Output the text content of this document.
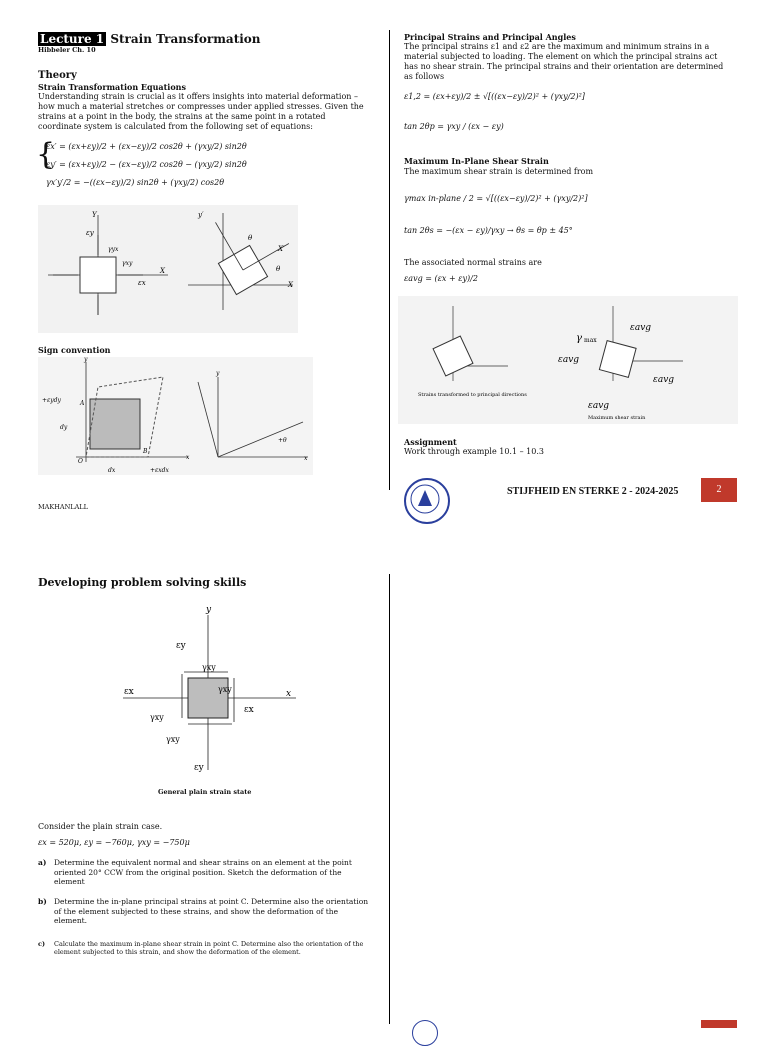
Lecture 1 Strain Transformation
Hibbeler Ch. 10
Theory
Strain Transformation Equations
Understanding strain is crucial as it offers insights into material deformation – how much a material stretches or compresses under applied stresses. Given the strains at a point in the body, the strains at the same point in a rotated coordinate system is calculated from the following set of equations:
{
εx′ = (εx+εy)/2 + (εx−εy)/2 cos2θ + (γxy/2) sin2θ
εy′ = (εx+εy)/2 − (εx−εy)/2 cos2θ − (γxy/2) sin2θ
γx′y′/2 = −((εx−εy)/2) sin2θ + (γxy/2) cos2θ
εy
εx
X
Y
γyx
γxy
y′
X′
X
θ
θ
Sign convention
+εydy
dy
dx	+εxdx
O
A
B
x
y
+θ
x
y
MAKHANLALL
Principal Strains and Principal Angles
The principal strains ε1 and ε2 are the maximum and minimum strains in a material subjected to loading. The element on which the principal strains act has no shear strain. The principal strains and their orientation are determined as follows
ε1,2 = (εx+εy)/2 ± √[((εx−εy)/2)² + (γxy/2)²]
tan 2θp = γxy / (εx − εy)
Maximum In-Plane Shear Strain
The maximum shear strain is determined from
γmax in-plane / 2 = √[((εx−εy)/2)² + (γxy/2)²]
tan 2θs = −(εx − εy)/γxy → θs = θp ± 45°
The associated normal strains are
εavg = (εx + εy)/2
Strains transformed to principal directions
γ max
εavg
εavg
εavg
εavg
Maximum shear strain
Assignment
Work through example 10.1 – 10.3
STIJFHEID EN STERKE 2 - 2024-2025	2
Developing problem solving skills
y
x
εy
γxy
γxy
εx
εx
γxy
γxy
εy
General plain strain state
Consider the plain strain case.
εx = 520μ, εy = −760μ, γxy = −750μ
a) Determine the equivalent normal and shear strains on an element at the point oriented 20° CCW from the original position. Sketch the deformation of the element
b) Determine the in-plane principal strains at point C. Determine also the orientation of the element subjected to these strains, and show the deformation of the element.
c) Calculate the maximum in-plane shear strain in point C. Determine also the orientation of the element subjected to this strain, and show the deformation of the element.
